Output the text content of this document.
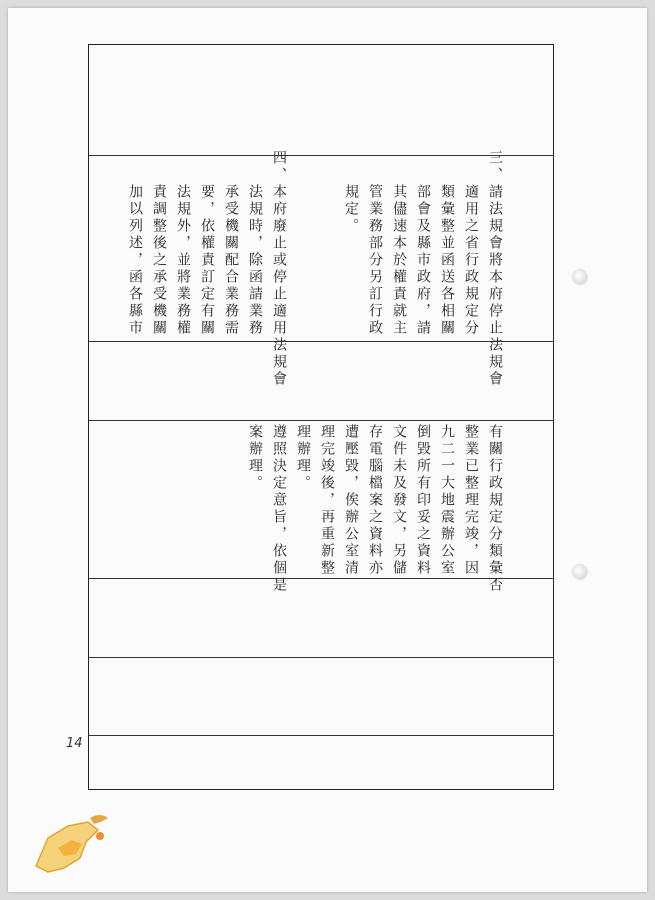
三、請法規會將本府停止法規會
　　適用之省行政規定分
　　類彙整並函送各相關
　　部會及縣市政府，請
　　其儘速本於權責就主
　　管業務部分另訂行政
　　規定。
四、本府廢止或停止適用法規會
　　法規時，除函請業務
　　承受機關配合業務需
　　要，依權責訂定有關
　　法規外，並將業務權
　　責調整後之承受機關
　　加以列述，函各縣市
有關行政規定分類彙否
整業已整理完竣，因
九二一大地震辦公室
倒毀所有印妥之資料
文件未及發文，另儲
存電腦檔案之資料亦
遭壓毀，俟辦公室清
理完竣後，再重新整
理辦理。
遵照決定意旨，依個是
案辦理。
14
